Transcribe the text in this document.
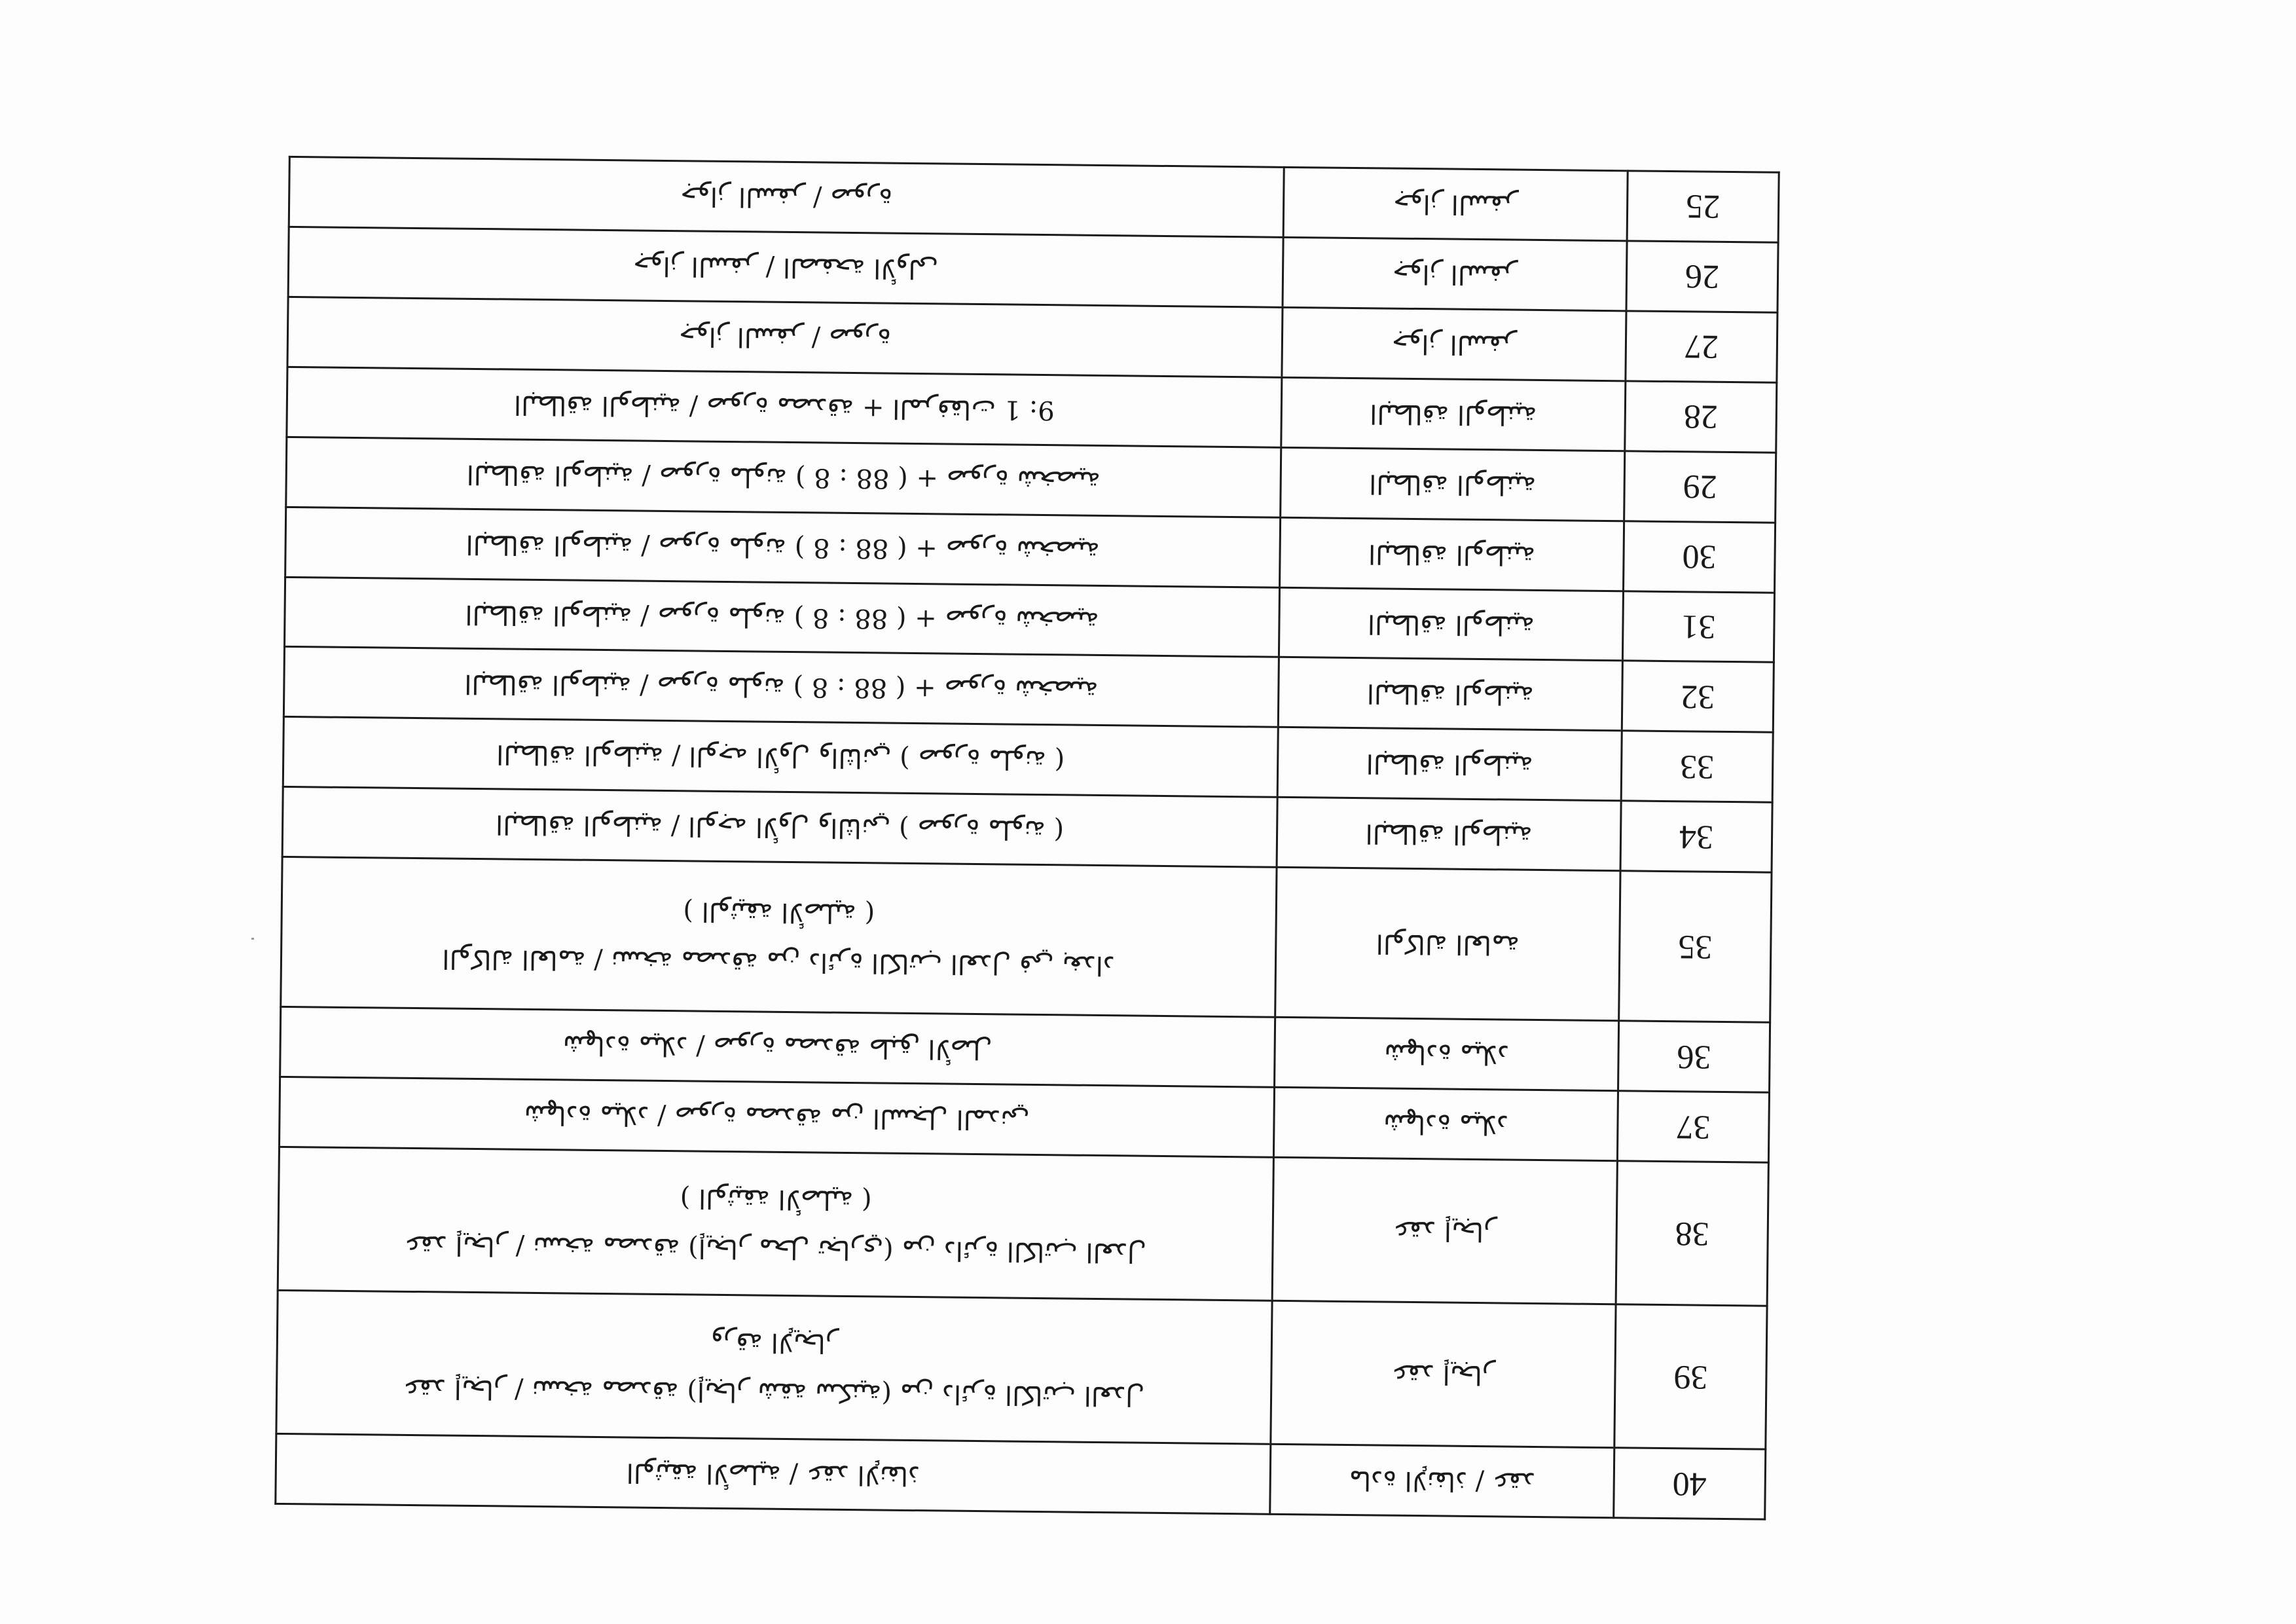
40	مادة الإنفاذ / عقد	الوثيقة الأصلية / عقد الإنفاذ

39	عقد إيجار	عقد إيجار / نسخة مصدقة (إيجار شقة سكنية) من دائرة الكاتب العدل
ورقة الإيجار

38	عقد إيجار	عقد إيجار / نسخة مصدقة (إيجار محل تجاري) من دائرة الكاتب العدل
( الوثيقة الأصلية )

37	شهادة ميلاد	شهادة ميلاد / صورة مصدقة من السجل المدني

36	شهادة ميلاد	شهادة ميلاد / صورة مصدقة طبق الأصل

35	الوكالة العامة	الوكالة العامة / نسخة مصدقة من دائرة الكاتب العدل في بغداد
( الوثيقة الأصلية )

34	البطاقة الوطنية	البطاقة الوطنية / الوجه الأول والثاني ( صورة ملونة )

33	البطاقة الوطنية	البطاقة الوطنية / الوجه الأول والثاني ( صورة ملونة )

32	البطاقة الوطنية	البطاقة الوطنية / صورة ملونة ( 8 : 88 ) + صورة شخصية

31	البطاقة الوطنية	البطاقة الوطنية / صورة ملونة ( 8 : 88 ) + صورة شخصية

30	البطاقة الوطنية	البطاقة الوطنية / صورة ملونة ( 8 : 88 ) + صورة شخصية

29	البطاقة الوطنية	البطاقة الوطنية / صورة ملونة ( 8 : 88 ) + صورة شخصية

28	البطاقة الوطنية	البطاقة الوطنية / صورة مصدقة + المرفقات 1 :9

27	جواز السفر	جواز السفر / صورة

26	جواز السفر	جواز السفر / الصفحة الأولى

25	جواز السفر	جواز السفر / صورة
